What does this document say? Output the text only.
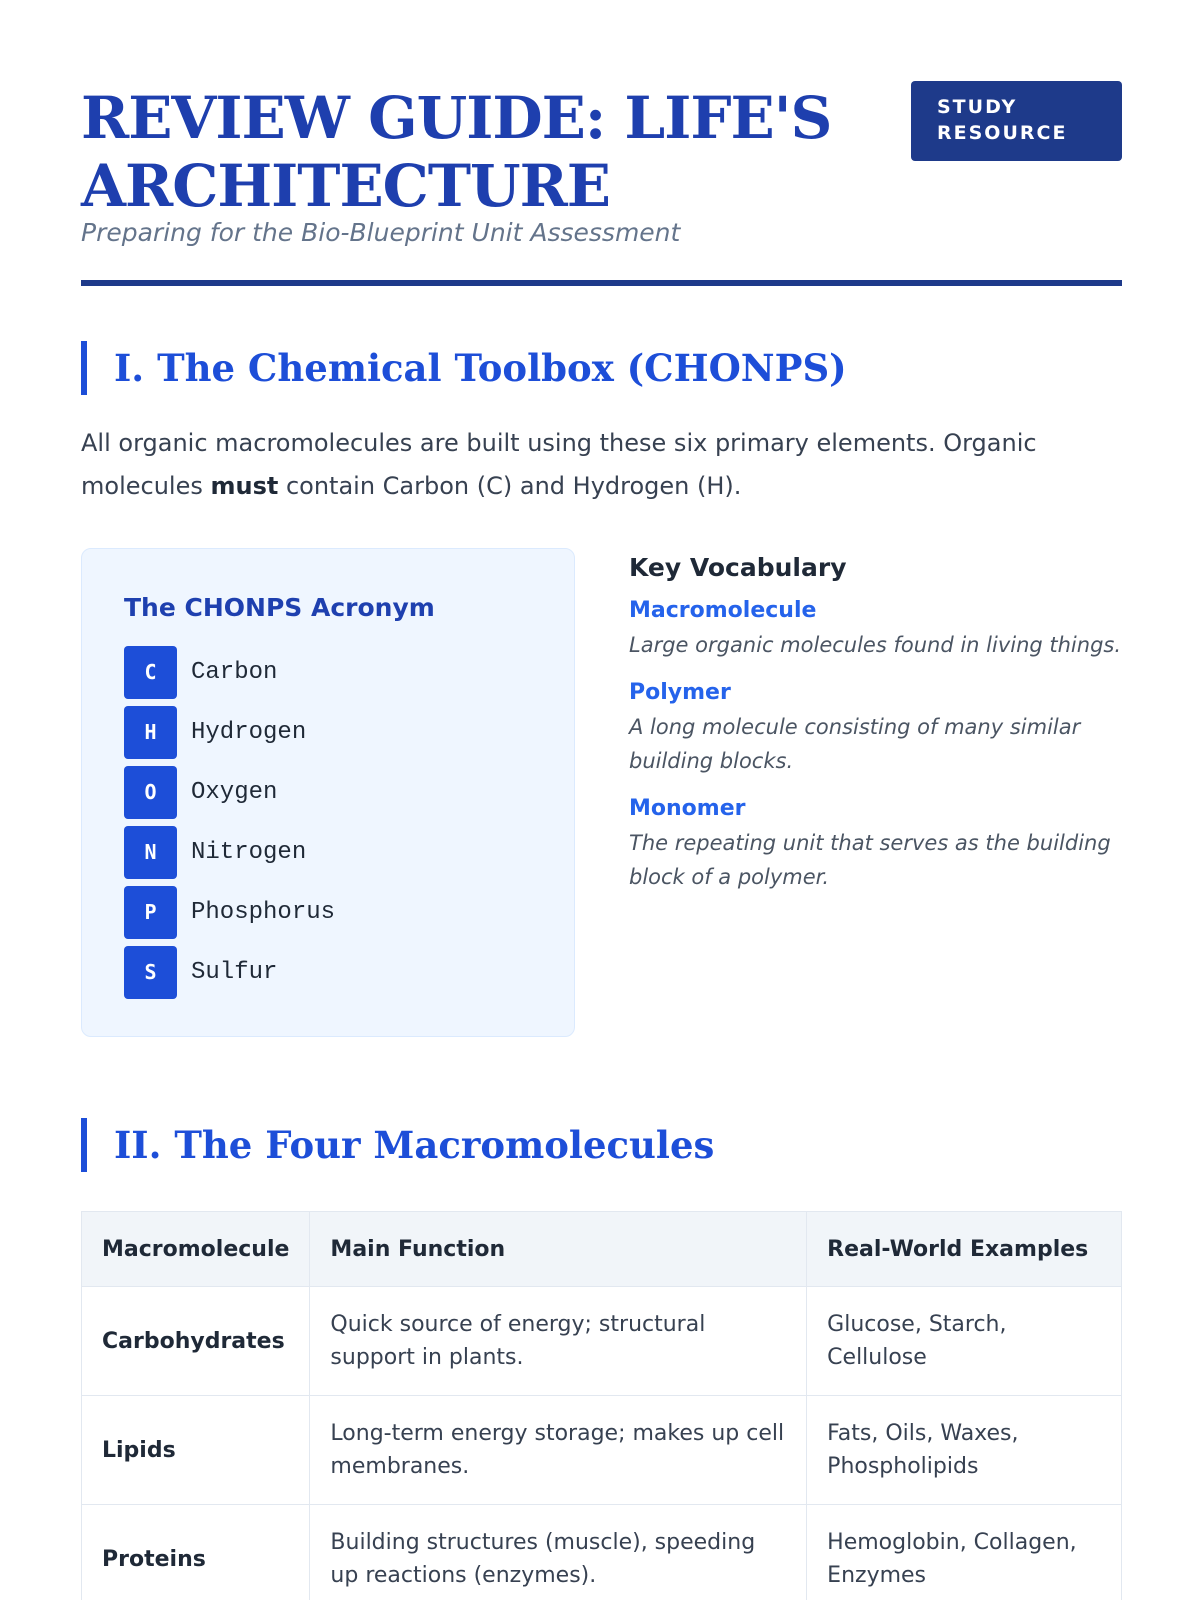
REVIEW GUIDE: LIFE'S ARCHITECTURE
Preparing for the Bio-Blueprint Unit Assessment
STUDY RESOURCE
I. The Chemical Toolbox (CHONPS)

All organic macromolecules are built using these six primary elements. Organic molecules must contain Carbon (C) and Hydrogen (H).

The CHONPS Acronym
C	Carbon
H	Hydrogen
O	Oxygen
N	Nitrogen
P	Phosphorus
S	Sulfur
Key Vocabulary
Macromolecule
Large organic molecules found in living things.
Polymer
A long molecule consisting of many similar building blocks.
Monomer
The repeating unit that serves as the building block of a polymer.
II. The Four Macromolecules
Macromolecule	Main Function	Real-World Examples
Carbohydrates	Quick source of energy; structural support in plants.	Glucose, Starch, Cellulose
Lipids	Long-term energy storage; makes up cell membranes.	Fats, Oils, Waxes, Phospholipids
Proteins	Building structures (muscle), speeding up reactions (enzymes).	Hemoglobin, Collagen, Enzymes
